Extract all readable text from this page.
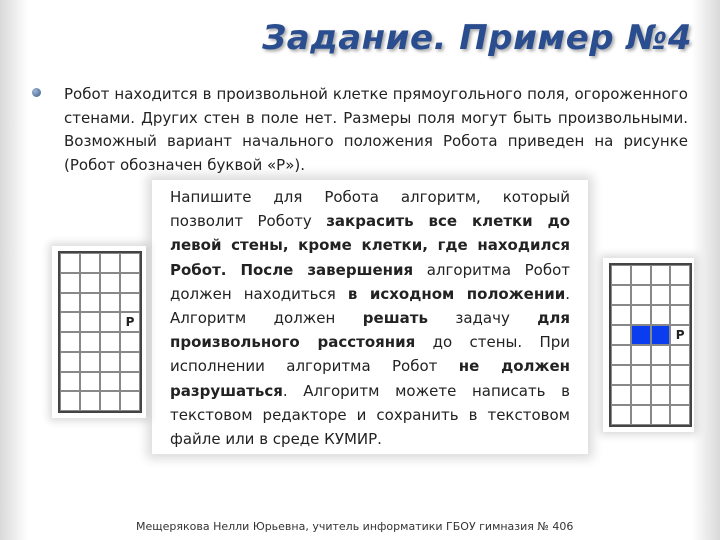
Задание. Пример №4
Робот находится в произвольной клетке прямоугольного поля, огороженного стенами. Других стен в поле нет. Размеры поля могут быть произвольными. Возможный вариант начального положения Робота приведен на рисунке (Робот обозначен буквой «Р»).
Напишите для Робота алгоритм, который позволит Роботу закрасить все клетки до левой стены, кроме клетки, где находился Робот. После завершения алгоритма Робот должен находиться в исходном положении. Алгоритм должен решать задачу для произвольного расстояния до стены. При исполнении алгоритма Робот не должен разрушаться. Алгоритм можете написать в текстовом редакторе и сохранить в текстовом файле или в среде КУМИР.
Р
Р
Мещерякова Нелли Юрьевна, учитель информатики ГБОУ гимназия № 406
